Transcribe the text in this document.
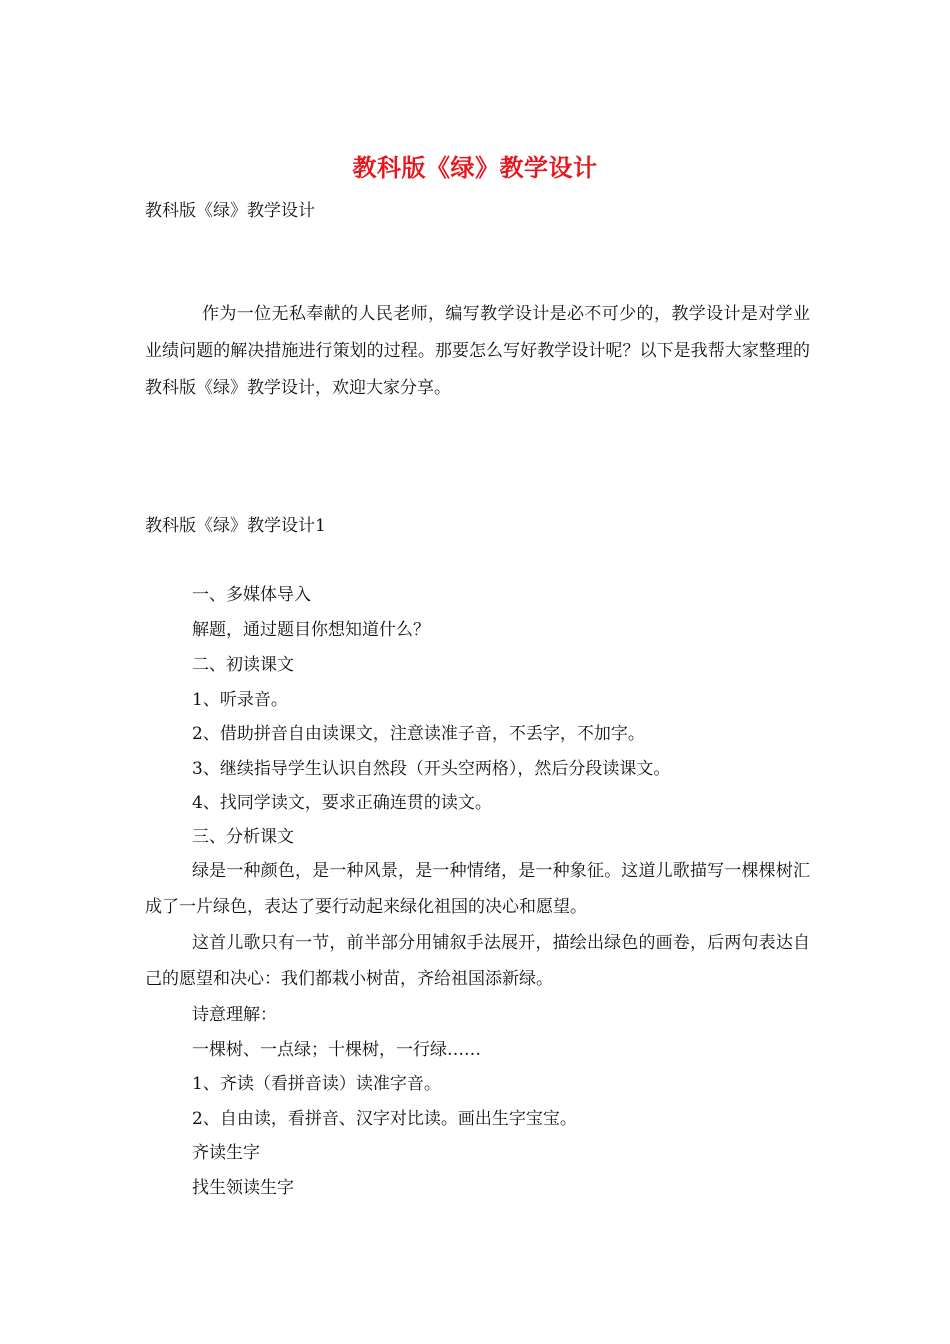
教科版《绿》教学设计
教科版《绿》教学设计
作为一位无私奉献的人民老师，编写教学设计是必不可少的，教学设计是对学业业绩问题的解决措施进行策划的过程。那要怎么写好教学设计呢？以下是我帮大家整理的教科版《绿》教学设计，欢迎大家分享。
教科版《绿》教学设计1
一、多媒体导入
解题，通过题目你想知道什么？
二、初读课文
1、听录音。
2、借助拼音自由读课文，注意读准子音，不丢字，不加字。
3、继续指导学生认识自然段（开头空两格），然后分段读课文。
4、找同学读文，要求正确连贯的读文。
三、分析课文
绿是一种颜色，是一种风景，是一种情绪，是一种象征。这道儿歌描写一棵棵树汇成了一片绿色，表达了要行动起来绿化祖国的决心和愿望。
这首儿歌只有一节，前半部分用铺叙手法展开，描绘出绿色的画卷，后两句表达自己的愿望和决心：我们都栽小树苗，齐给祖国添新绿。
诗意理解：
一棵树、一点绿；十棵树，一行绿……
1、齐读（看拼音读）读准字音。
2、自由读，看拼音、汉字对比读。画出生字宝宝。
齐读生字
找生领读生字
